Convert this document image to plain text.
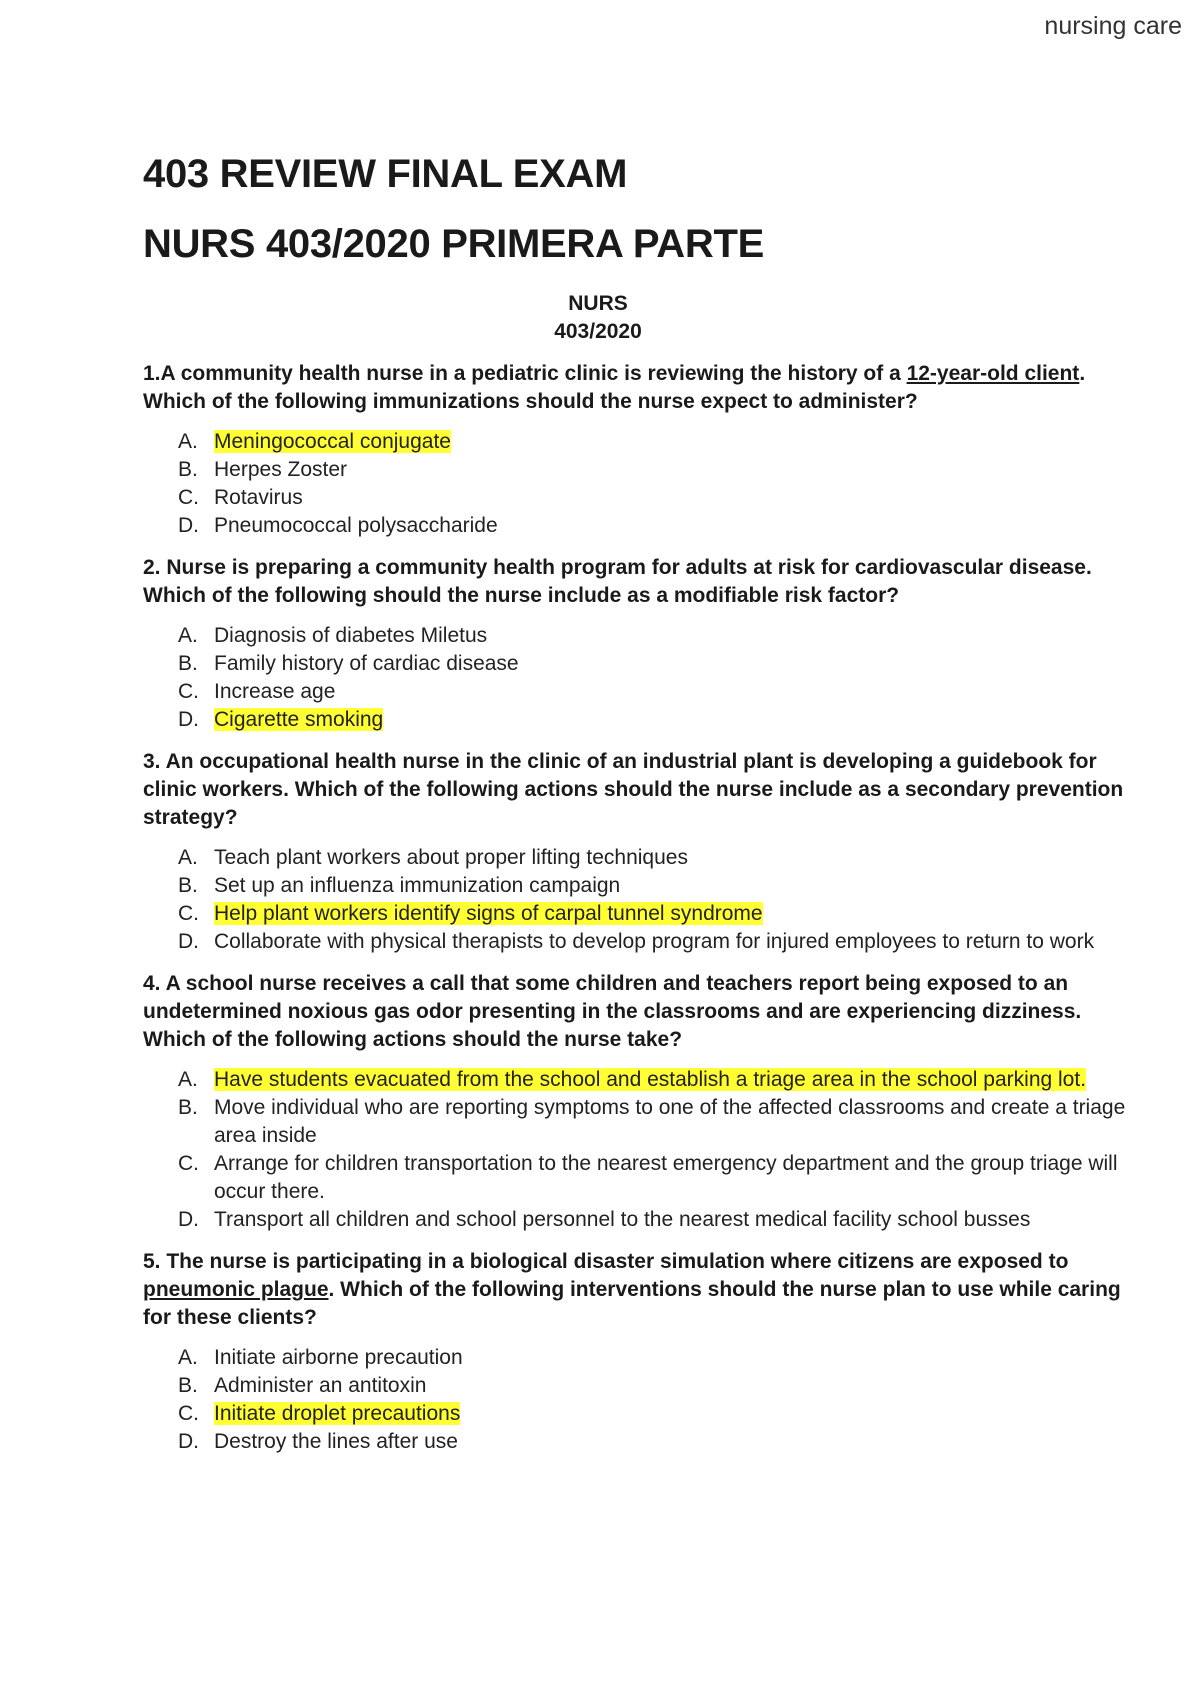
nursing care
403 REVIEW FINAL EXAM
NURS 403/2020 PRIMERA PARTE
NURS
403/2020

1.A community health nurse in a pediatric clinic is reviewing the history of a 12-year-old client. Which of the following immunizations should the nurse expect to administer?

A. Meningococcal conjugate
B. Herpes Zoster
C. Rotavirus
D. Pneumococcal polysaccharide

2. Nurse is preparing a community health program for adults at risk for cardiovascular disease. Which of the following should the nurse include as a modifiable risk factor?

A. Diagnosis of diabetes Miletus
B. Family history of cardiac disease
C. Increase age
D. Cigarette smoking

3. An occupational health nurse in the clinic of an industrial plant is developing a guidebook for clinic workers. Which of the following actions should the nurse include as a secondary prevention strategy?

A. Teach plant workers about proper lifting techniques
B. Set up an influenza immunization campaign
C. Help plant workers identify signs of carpal tunnel syndrome
D. Collaborate with physical therapists to develop program for injured employees to return to work

4. A school nurse receives a call that some children and teachers report being exposed to an undetermined noxious gas odor presenting in the classrooms and are experiencing dizziness. Which of the following actions should the nurse take?

A. Have students evacuated from the school and establish a triage area in the school parking lot.
B. Move individual who are reporting symptoms to one of the affected classrooms and create a triage area inside
C. Arrange for children transportation to the nearest emergency department and the group triage will occur there.
D. Transport all children and school personnel to the nearest medical facility school busses

5. The nurse is participating in a biological disaster simulation where citizens are exposed to pneumonic plague. Which of the following interventions should the nurse plan to use while caring for these clients?

A. Initiate airborne precaution
B. Administer an antitoxin
C. Initiate droplet precautions
D. Destroy the lines after use
